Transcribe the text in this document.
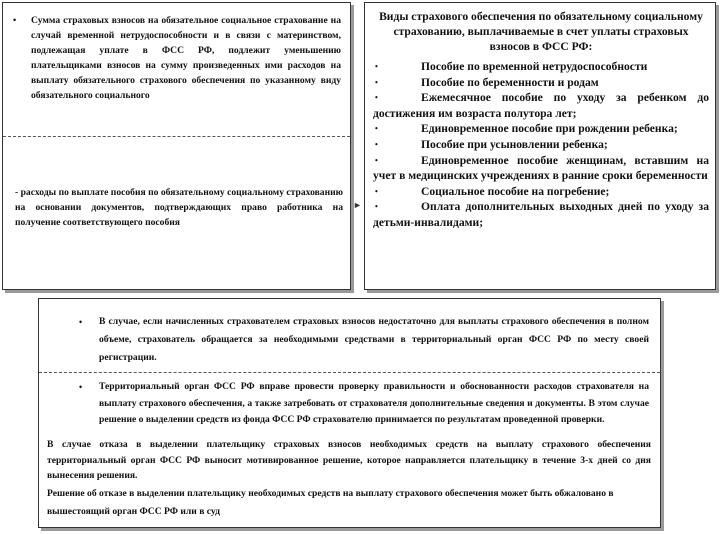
• Сумма страховых взносов на обязательное социальное страхование на случай временной нетрудоспособности и в связи с материнством, подлежащая уплате в ФСС РФ, подлежит уменьшению плательщиками взносов на сумму произведенных ими расходов на выплату обязательного страхового обеспечения по указанному виду обязательного социального
- расходы по выплате пособия по обязательному социальному страхованию на основании документов, подтверждающих право работника на получение соответствующего пособия
►
Виды страхового обеспечения по обязательному социальному страхованию, выплачиваемые в счет уплаты страховых взносов в ФСС РФ:
•	Пособие по временной нетрудоспособности
•	Пособие по беременности и родам
•	Ежемесячное пособие по уходу за ребенком до достижения им возраста полутора лет;
•	Единовременное пособие при рождении ребенка;
•	Пособие при усыновлении ребенка;
•	Единовременное пособие женщинам, вставшим на учет в медицинских учреждениях в ранние сроки беременности
•	Социальное пособие на погребение;
•	Оплата дополнительных выходных дней по уходу за детьми-инвалидами;
• В случае, если начисленных страхователем страховых взносов недостаточно для выплаты страхового обеспечения в полном объеме, страхователь обращается за необходимыми средствами в территориальный орган ФСС РФ по месту своей регистрации.
• Территориальный орган ФСС РФ вправе провести проверку правильности и обоснованности расходов страхователя на выплату страхового обеспечения, а также затребовать от страхователя дополнительные сведения и документы. В этом случае решение о выделении средств из фонда ФСС РФ страхователю принимается по результатам проведенной проверки.
В случае отказа в выделении плательщику страховых взносов необходимых средств на выплату страхового обеспечения территориальный орган ФСС РФ выносит мотивированное решение, которое направляется плательщику в течение 3-х дней со дня вынесения решения.
Решение об отказе в выделении плательщику необходимых средств на выплату страхового обеспечения может быть обжаловано в вышестоящий орган ФСС РФ или в суд
